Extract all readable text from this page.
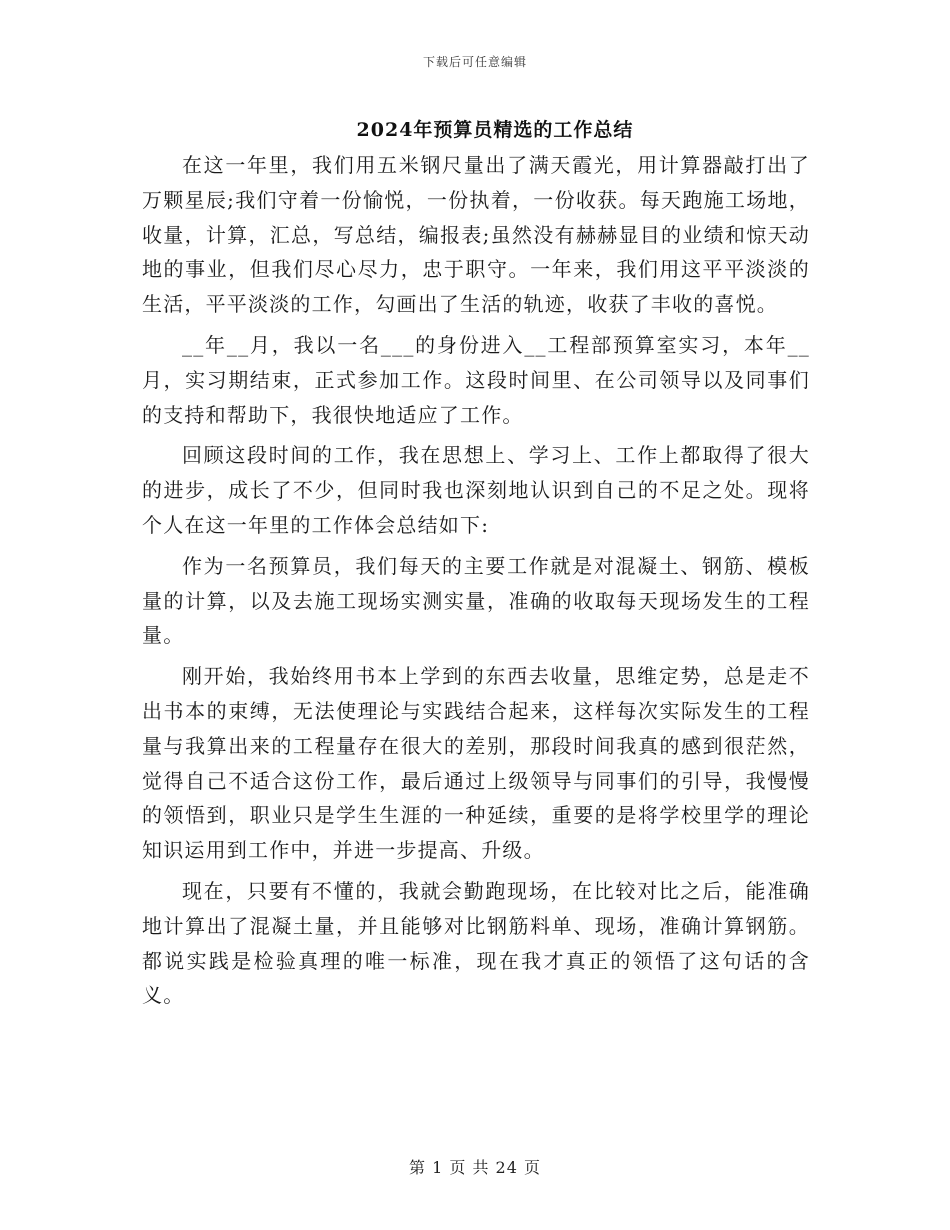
下载后可任意编辑
2024年预算员精选的工作总结

在这一年里，我们用五米钢尺量出了满天霞光，用计算器敲打出了万颗星辰;我们守着一份愉悦，一份执着，一份收获。每天跑施工场地，收量，计算，汇总，写总结，编报表;虽然没有赫赫显目的业绩和惊天动地的事业，但我们尽心尽力，忠于职守。一年来，我们用这平平淡淡的生活，平平淡淡的工作，勾画出了生活的轨迹，收获了丰收的喜悦。

__年__月，我以一名___的身份进入__工程部预算室实习，本年__月，实习期结束，正式参加工作。这段时间里、在公司领导以及同事们的支持和帮助下，我很快地适应了工作。

回顾这段时间的工作，我在思想上、学习上、工作上都取得了很大的进步，成长了不少，但同时我也深刻地认识到自己的不足之处。现将个人在这一年里的工作体会总结如下:

作为一名预算员，我们每天的主要工作就是对混凝土、钢筋、模板量的计算，以及去施工现场实测实量，准确的收取每天现场发生的工程量。

刚开始，我始终用书本上学到的东西去收量，思维定势，总是走不出书本的束缚，无法使理论与实践结合起来，这样每次实际发生的工程量与我算出来的工程量存在很大的差别，那段时间我真的感到很茫然，觉得自己不适合这份工作，最后通过上级领导与同事们的引导，我慢慢的领悟到，职业只是学生生涯的一种延续，重要的是将学校里学的理论知识运用到工作中，并进一步提高、升级。

现在，只要有不懂的，我就会勤跑现场，在比较对比之后，能准确地计算出了混凝土量，并且能够对比钢筋料单、现场，准确计算钢筋。都说实践是检验真理的唯一标准，现在我才真正的领悟了这句话的含义。

第 1 页 共 24 页
